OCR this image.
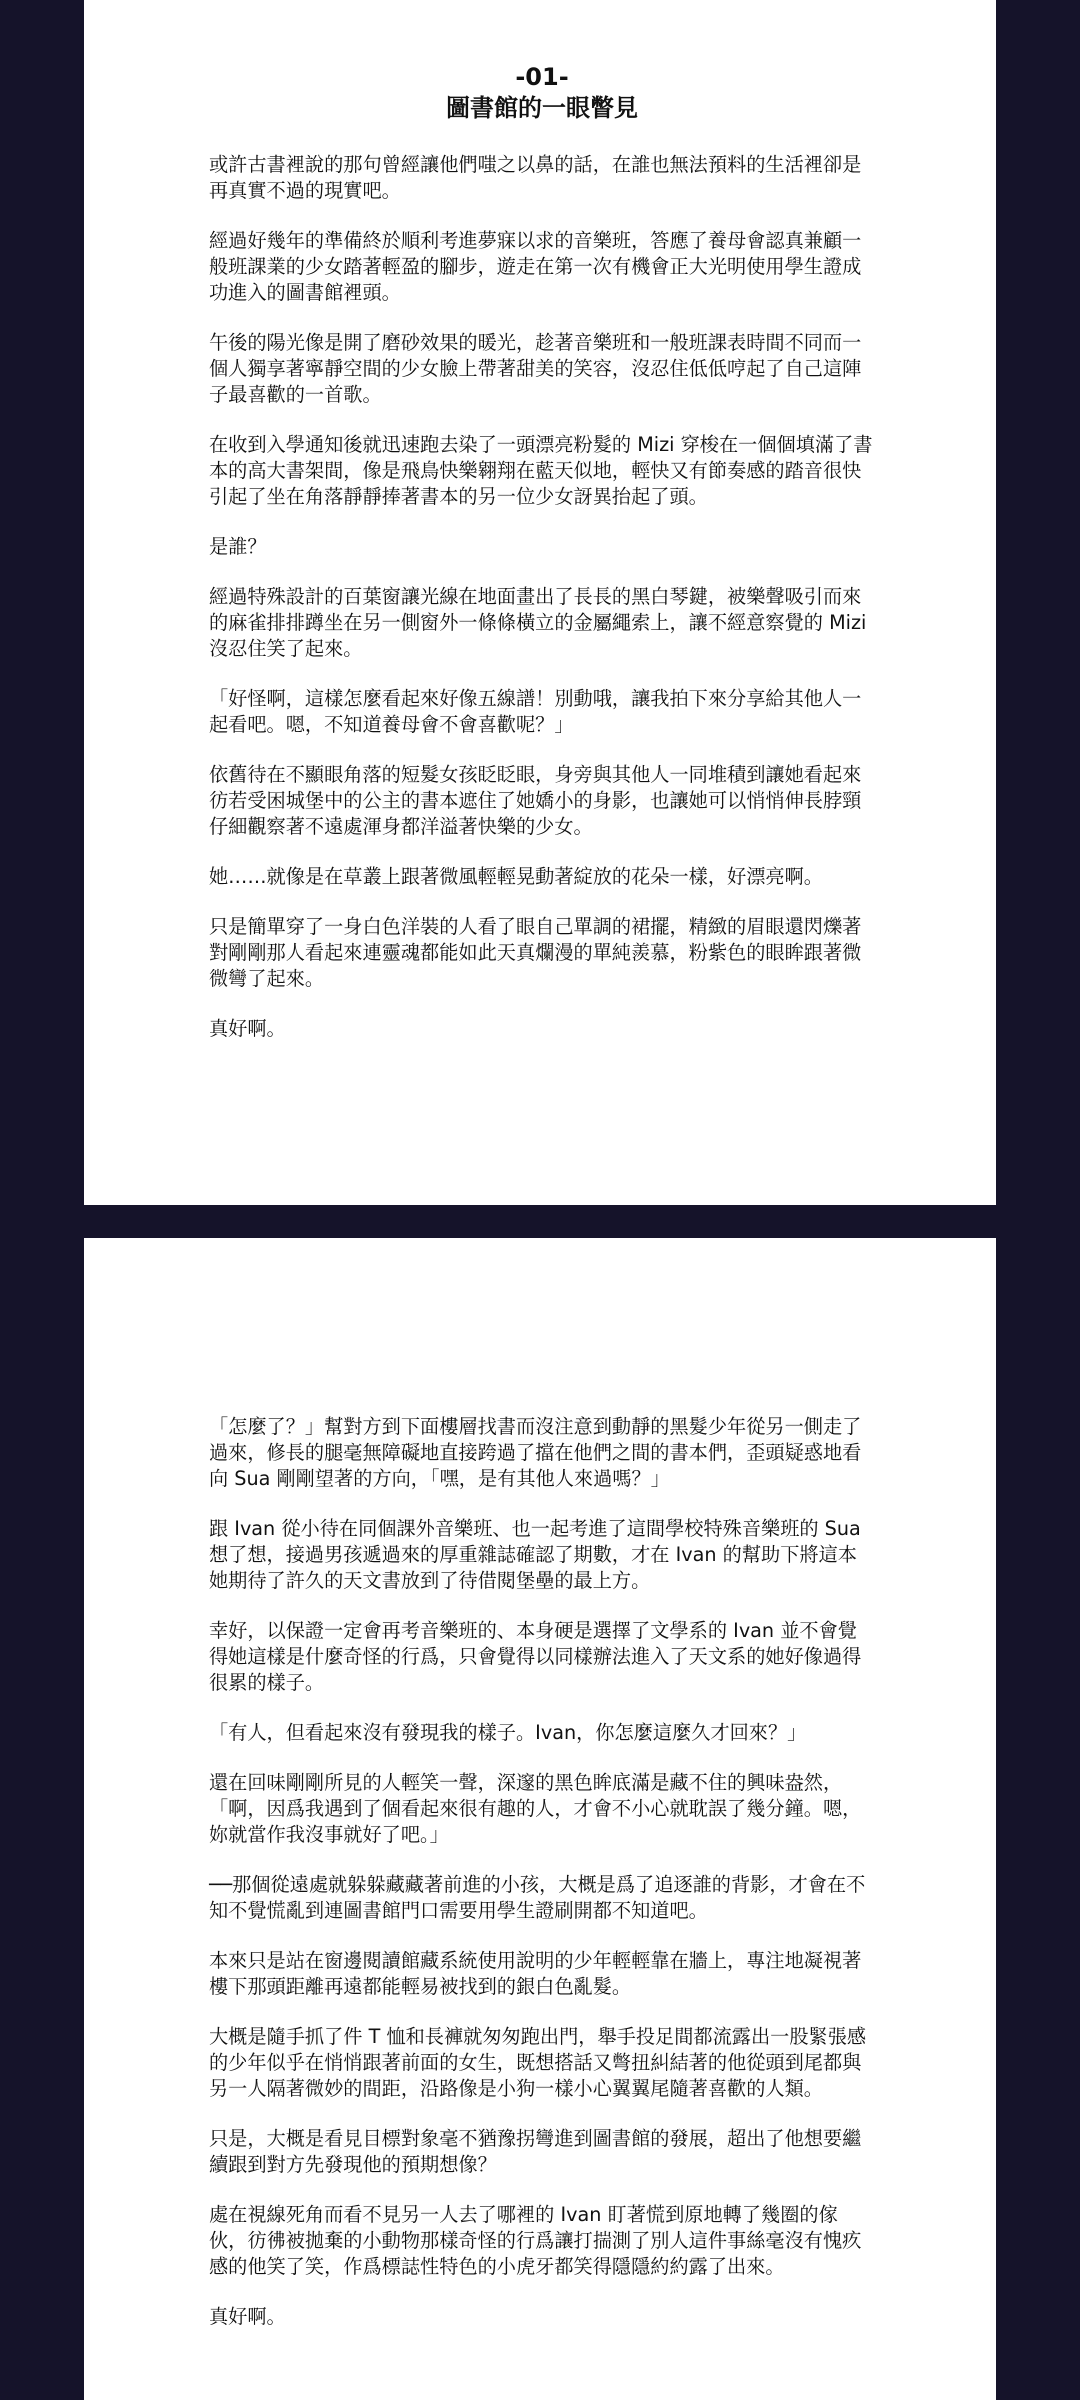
-01-
圖書館的一眼瞥見

或許古書裡說的那句曾經讓他們嗤之以鼻的話，在誰也無法預料的生活裡卻是再真實不過的現實吧。

經過好幾年的準備終於順利考進夢寐以求的音樂班，答應了養母會認真兼顧一般班課業的少女踏著輕盈的腳步，遊走在第一次有機會正大光明使用學生證成功進入的圖書館裡頭。

午後的陽光像是開了磨砂效果的暖光，趁著音樂班和一般班課表時間不同而一個人獨享著寧靜空間的少女臉上帶著甜美的笑容，沒忍住低低哼起了自己這陣子最喜歡的一首歌。

在收到入學通知後就迅速跑去染了一頭漂亮粉髮的 Mizi 穿梭在一個個填滿了書本的高大書架間，像是飛鳥快樂翱翔在藍天似地，輕快又有節奏感的踏音很快引起了坐在角落靜靜捧著書本的另一位少女訝異抬起了頭。

是誰？

經過特殊設計的百葉窗讓光線在地面畫出了長長的黑白琴鍵，被樂聲吸引而來的麻雀排排蹲坐在另一側窗外一條條橫立的金屬繩索上，讓不經意察覺的 Mizi 沒忍住笑了起來。

「好怪啊，這樣怎麼看起來好像五線譜！別動哦，讓我拍下來分享給其他人一起看吧。嗯，不知道養母會不會喜歡呢？」

依舊待在不顯眼角落的短髮女孩眨眨眼，身旁與其他人一同堆積到讓她看起來彷若受困城堡中的公主的書本遮住了她嬌小的身影，也讓她可以悄悄伸長脖頸仔細觀察著不遠處渾身都洋溢著快樂的少女。

她……就像是在草叢上跟著微風輕輕晃動著綻放的花朵一樣，好漂亮啊。

只是簡單穿了一身白色洋裝的人看了眼自己單調的裙擺，精緻的眉眼還閃爍著對剛剛那人看起來連靈魂都能如此天真爛漫的單純羨慕，粉紫色的眼眸跟著微微彎了起來。

真好啊。

「怎麼了？」幫對方到下面樓層找書而沒注意到動靜的黑髮少年從另一側走了過來，修長的腿毫無障礙地直接跨過了擋在他們之間的書本們，歪頭疑惑地看向 Sua 剛剛望著的方向，「嘿，是有其他人來過嗎？」

跟 Ivan 從小待在同個課外音樂班、也一起考進了這間學校特殊音樂班的 Sua 想了想，接過男孩遞過來的厚重雜誌確認了期數，才在 Ivan 的幫助下將這本她期待了許久的天文書放到了待借閱堡壘的最上方。

幸好，以保證一定會再考音樂班的、本身硬是選擇了文學系的 Ivan 並不會覺得她這樣是什麼奇怪的行爲，只會覺得以同樣辦法進入了天文系的她好像過得很累的樣子。

「有人，但看起來沒有發現我的樣子。Ivan，你怎麼這麼久才回來？」

還在回味剛剛所見的人輕笑一聲，深邃的黑色眸底滿是藏不住的興味盎然，「啊，因爲我遇到了個看起來很有趣的人，才會不小心就耽誤了幾分鐘。嗯，妳就當作我沒事就好了吧。」

──那個從遠處就躲躲藏藏著前進的小孩，大概是爲了追逐誰的背影，才會在不知不覺慌亂到連圖書館門口需要用學生證刷開都不知道吧。

本來只是站在窗邊閱讀館藏系統使用說明的少年輕輕靠在牆上，專注地凝視著樓下那頭距離再遠都能輕易被找到的銀白色亂髮。

大概是隨手抓了件 T 恤和長褲就匆匆跑出門，舉手投足間都流露出一股緊張感的少年似乎在悄悄跟著前面的女生，既想搭話又彆扭糾結著的他從頭到尾都與另一人隔著微妙的間距，沿路像是小狗一樣小心翼翼尾隨著喜歡的人類。

只是，大概是看見目標對象毫不猶豫拐彎進到圖書館的發展，超出了他想要繼續跟到對方先發現他的預期想像？

處在視線死角而看不見另一人去了哪裡的 Ivan 盯著慌到原地轉了幾圈的傢伙，彷彿被拋棄的小動物那樣奇怪的行爲讓打揣測了別人這件事絲毫沒有愧疚感的他笑了笑，作爲標誌性特色的小虎牙都笑得隱隱約約露了出來。

真好啊。
